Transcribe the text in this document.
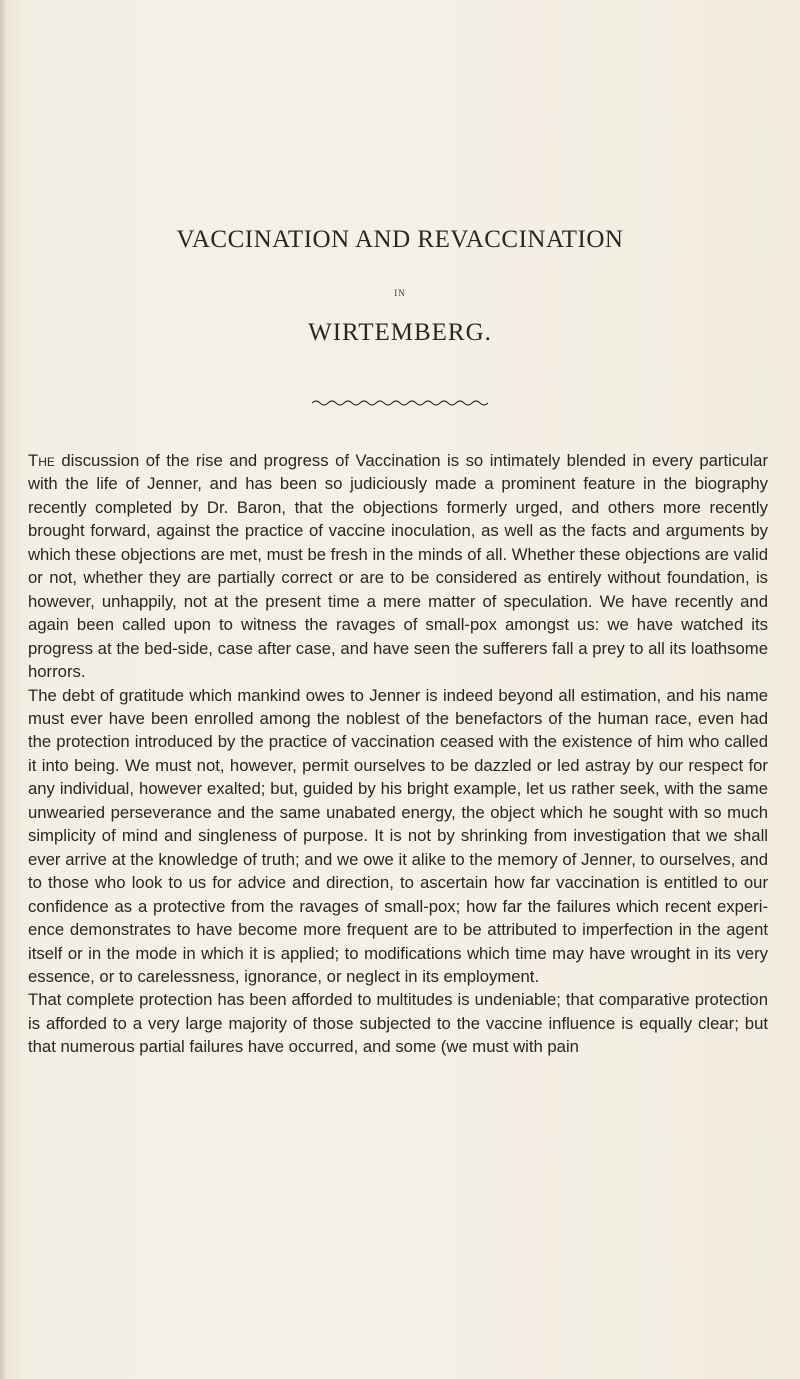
VACCINATION AND REVACCINATION
IN
WIRTEMBERG.

The discussion of the rise and progress of Vaccination is so intimately blended in every particular with the life of Jenner, and has been so judiciously made a prominent feature in the biography recently completed by Dr. Baron, that the objections formerly urged, and others more recently brought forward, against the practice of vaccine inoculation, as well as the facts and arguments by which these objections are met, must be fresh in the minds of all. Whether these objections are valid or not, whether they are partially correct or are to be considered as entirely without foundation, is however, unhappily, not at the present time a mere matter of speculation. We have recently and again been called upon to witness the ravages of small-pox amongst us: we have watched its progress at the bed-side, case after case, and have seen the sufferers fall a prey to all its loathsome horrors.

The debt of gratitude which mankind owes to Jenner is indeed beyond all estimation, and his name must ever have been enrolled among the noblest of the benefactors of the human race, even had the protection introduced by the practice of vaccination ceased with the existence of him who called it into being. We must not, however, permit ourselves to be dazzled or led astray by our respect for any individual, however exalted; but, guided by his bright example, let us rather seek, with the same unwearied perseverance and the same unabated energy, the object which he sought with so much simplicity of mind and singleness of purpose. It is not by shrinking from investigation that we shall ever arrive at the knowledge of truth; and we owe it alike to the memory of Jenner, to ourselves, and to those who look to us for advice and direction, to ascertain how far vaccination is entitled to our confidence as a protective from the ravages of small-pox; how far the failures which recent experience demonstrates to have become more frequent are to be attributed to imperfection in the agent itself or in the mode in which it is applied; to modifications which time may have wrought in its very essence, or to carelessness, ignorance, or neglect in its employment.

That complete protection has been afforded to multitudes is undeniable; that comparative protection is afforded to a very large majority of those subjected to the vaccine influence is equally clear; but that numerous partial failures have occurred, and some (we must with pain
